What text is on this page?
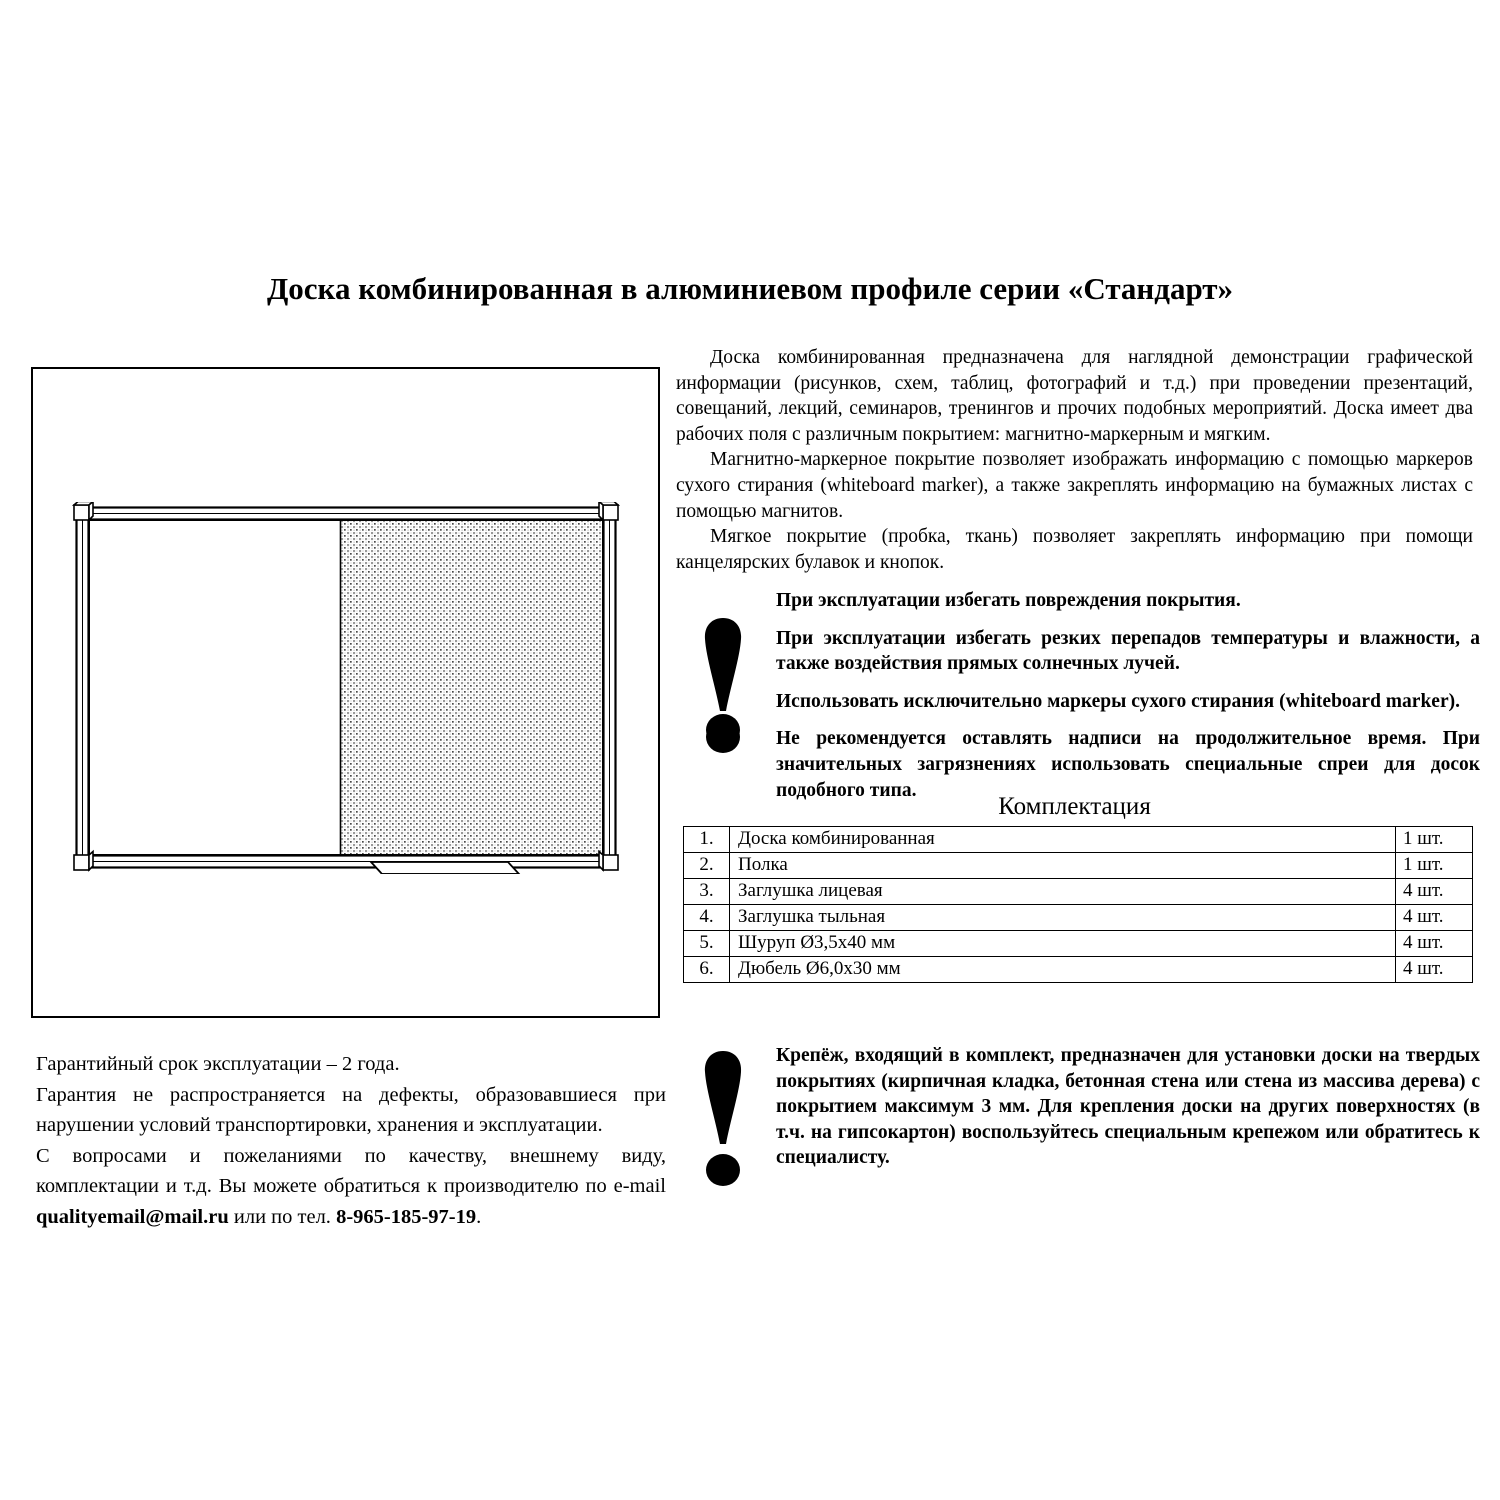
Доска комбинированная в алюминиевом профиле серии «Стандарт»

Доска комбинированная предназначена для наглядной демонстрации графической информации (рисунков, схем, таблиц, фотографий и т.д.) при проведении презентаций, совещаний, лекций, семинаров, тренингов и прочих подобных мероприятий. Доска имеет два рабочих поля с различным покрытием: магнитно-маркерным и мягким.

Магнитно-маркерное покрытие позволяет изображать информацию с помощью маркеров сухого стирания (whiteboard marker), а также закреплять информацию на бумажных листах с помощью магнитов.

Мягкое покрытие (пробка, ткань) позволяет закреплять информацию при помощи канцелярских булавок и кнопок.

При эксплуатации избегать повреждения покрытия.

При эксплуатации избегать резких перепадов температуры и влажности, а также воздействия прямых солнечных лучей.

Использовать исключительно маркеры сухого стирания (whiteboard marker).

Не рекомендуется оставлять надписи на продолжительное время. При значительных загрязнениях использовать специальные спреи для досок подобного типа.

Комплектация
1.	Доска комбинированная	1 шт.
2.	Полка	1 шт.
3.	Заглушка лицевая	4 шт.
4.	Заглушка тыльная	4 шт.
5.	Шуруп Ø3,5х40 мм	4 шт.
6.	Дюбель Ø6,0х30 мм	4 шт.

Гарантийный срок эксплуатации – 2 года.

Гарантия не распространяется на дефекты, образовавшиеся при нарушении условий транспортировки, хранения и эксплуатации.

С вопросами и пожеланиями по качеству, внешнему виду, комплектации и т.д. Вы можете обратиться к производителю по e-mail qualityemail@mail.ru или по тел. 8-965-185-97-19.

Крепёж, входящий в комплект, предназначен для установки доски на твердых покрытиях (кирпичная кладка, бетонная стена или стена из массива дерева) с покрытием максимум 3 мм. Для крепления доски на других поверхностях (в т.ч. на гипсокартон) воспользуйтесь специальным крепежом или обратитесь к специалисту.
